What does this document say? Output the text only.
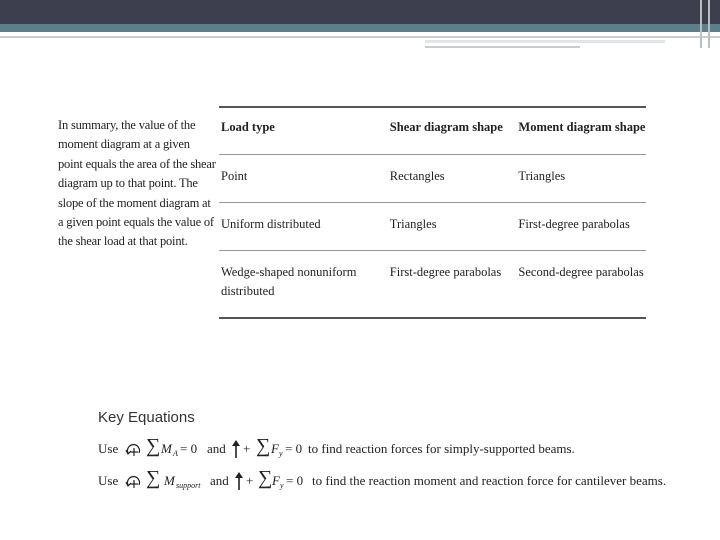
In summary, the value of the moment diagram at a given point equals the area of the shear diagram up to that point. The slope of the moment diagram at a given point equals the value of the shear load at that point.
Load type	Shear diagram shape	Moment diagram shape

Point	Rectangles	Triangles

Uniform distributed	Triangles	First-degree parabolas

Wedge-shaped nonuniform distributed	First-degree parabolas	Second-degree parabolas
Key Equations
Use ∑ M A = 0 and + ∑ F y = 0 to find reaction forces for simply-supported beams.
Use ∑ M support and + ∑ F y = 0 to find the reaction moment and reaction force for cantilever beams.
